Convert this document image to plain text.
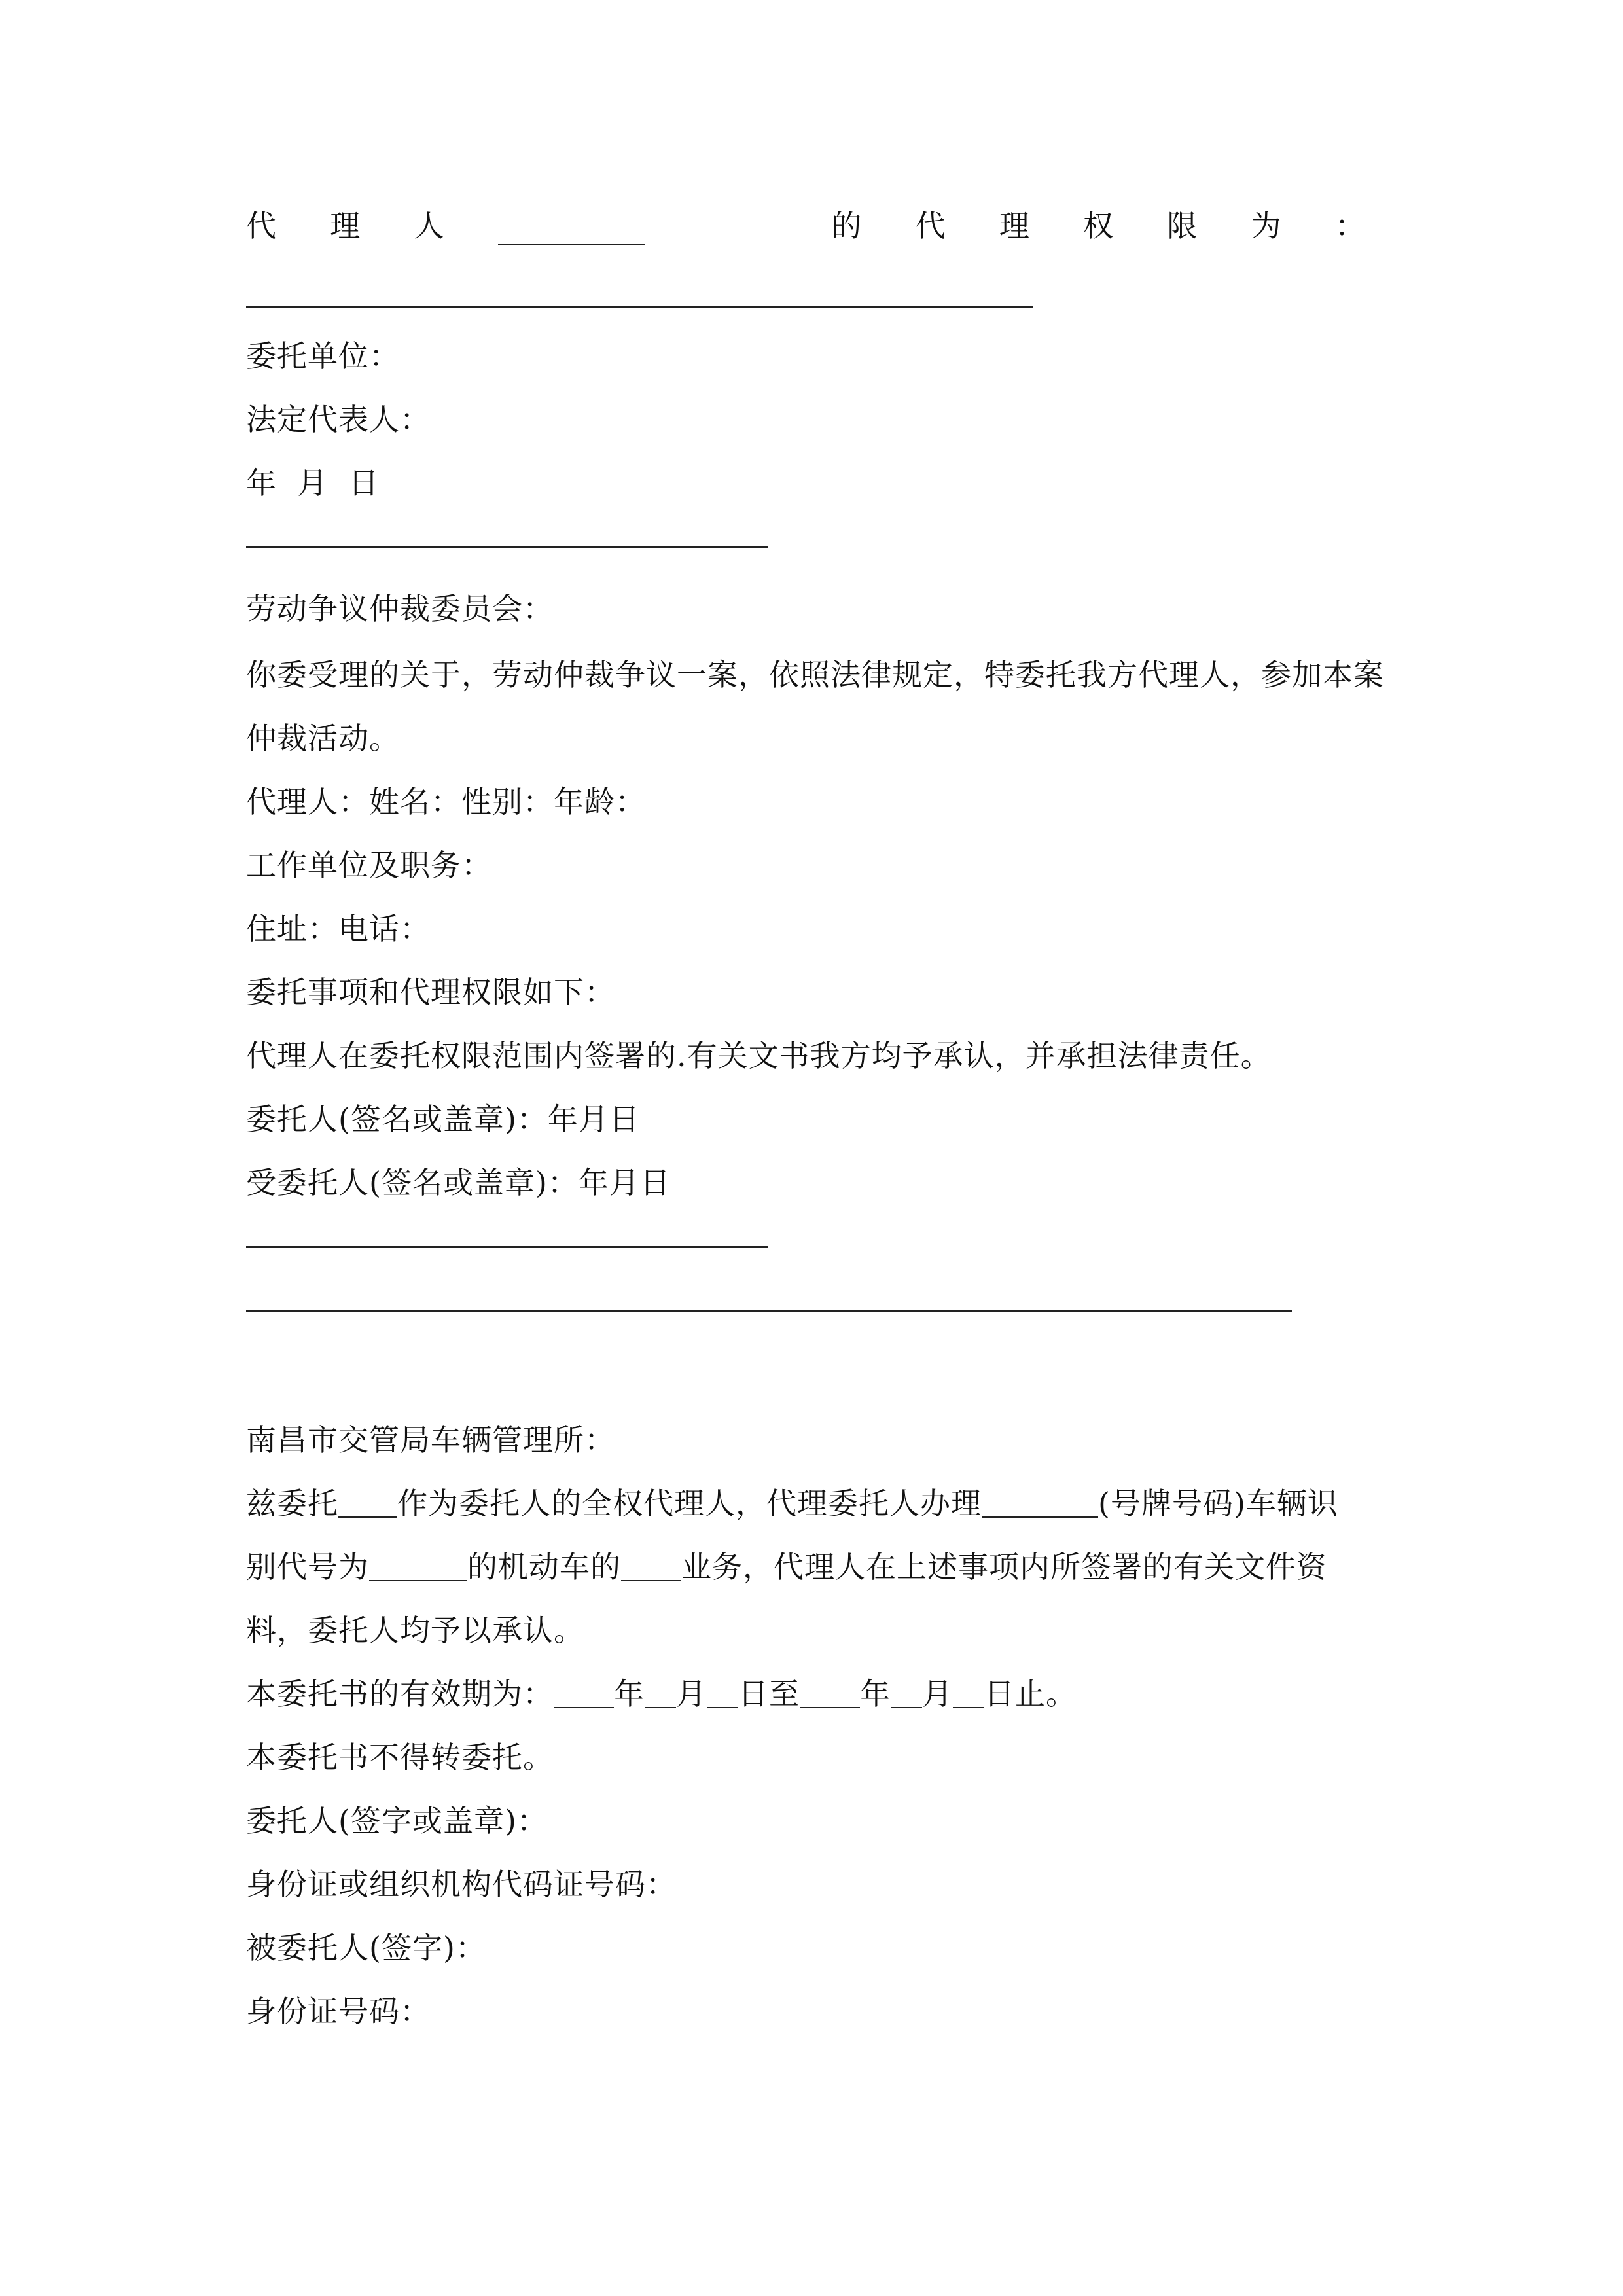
代 理 人	的 代 理 权 限 为 ：
委托单位：
法定代表人：
年  月  日
劳动争议仲裁委员会：
你委受理的关于，劳动仲裁争议一案，依照法律规定，特委托我方代理人，参加本案仲裁活动。
代理人：姓名：性别：年龄：
工作单位及职务：
住址：电话：
委托事项和代理权限如下：
代理人在委托权限范围内签署的.有关文书我方均予承认，并承担法律责任。
委托人(签名或盖章)：年月日
受委托人(签名或盖章)：年月日
南昌市交管局车辆管理所：
兹委托 作为委托人的全权代理人，代理委托人办理	(号牌号码)车辆识
别代号为	的机动车的 业务，代理人在上述事项内所签署的有关文件资
料，委托人均予以承认。
本委托书的有效期为： 年 月 日至 年 月 日止。
本委托书不得转委托。
委托人(签字或盖章)：
身份证或组织机构代码证号码：
被委托人(签字)：
身份证号码：
